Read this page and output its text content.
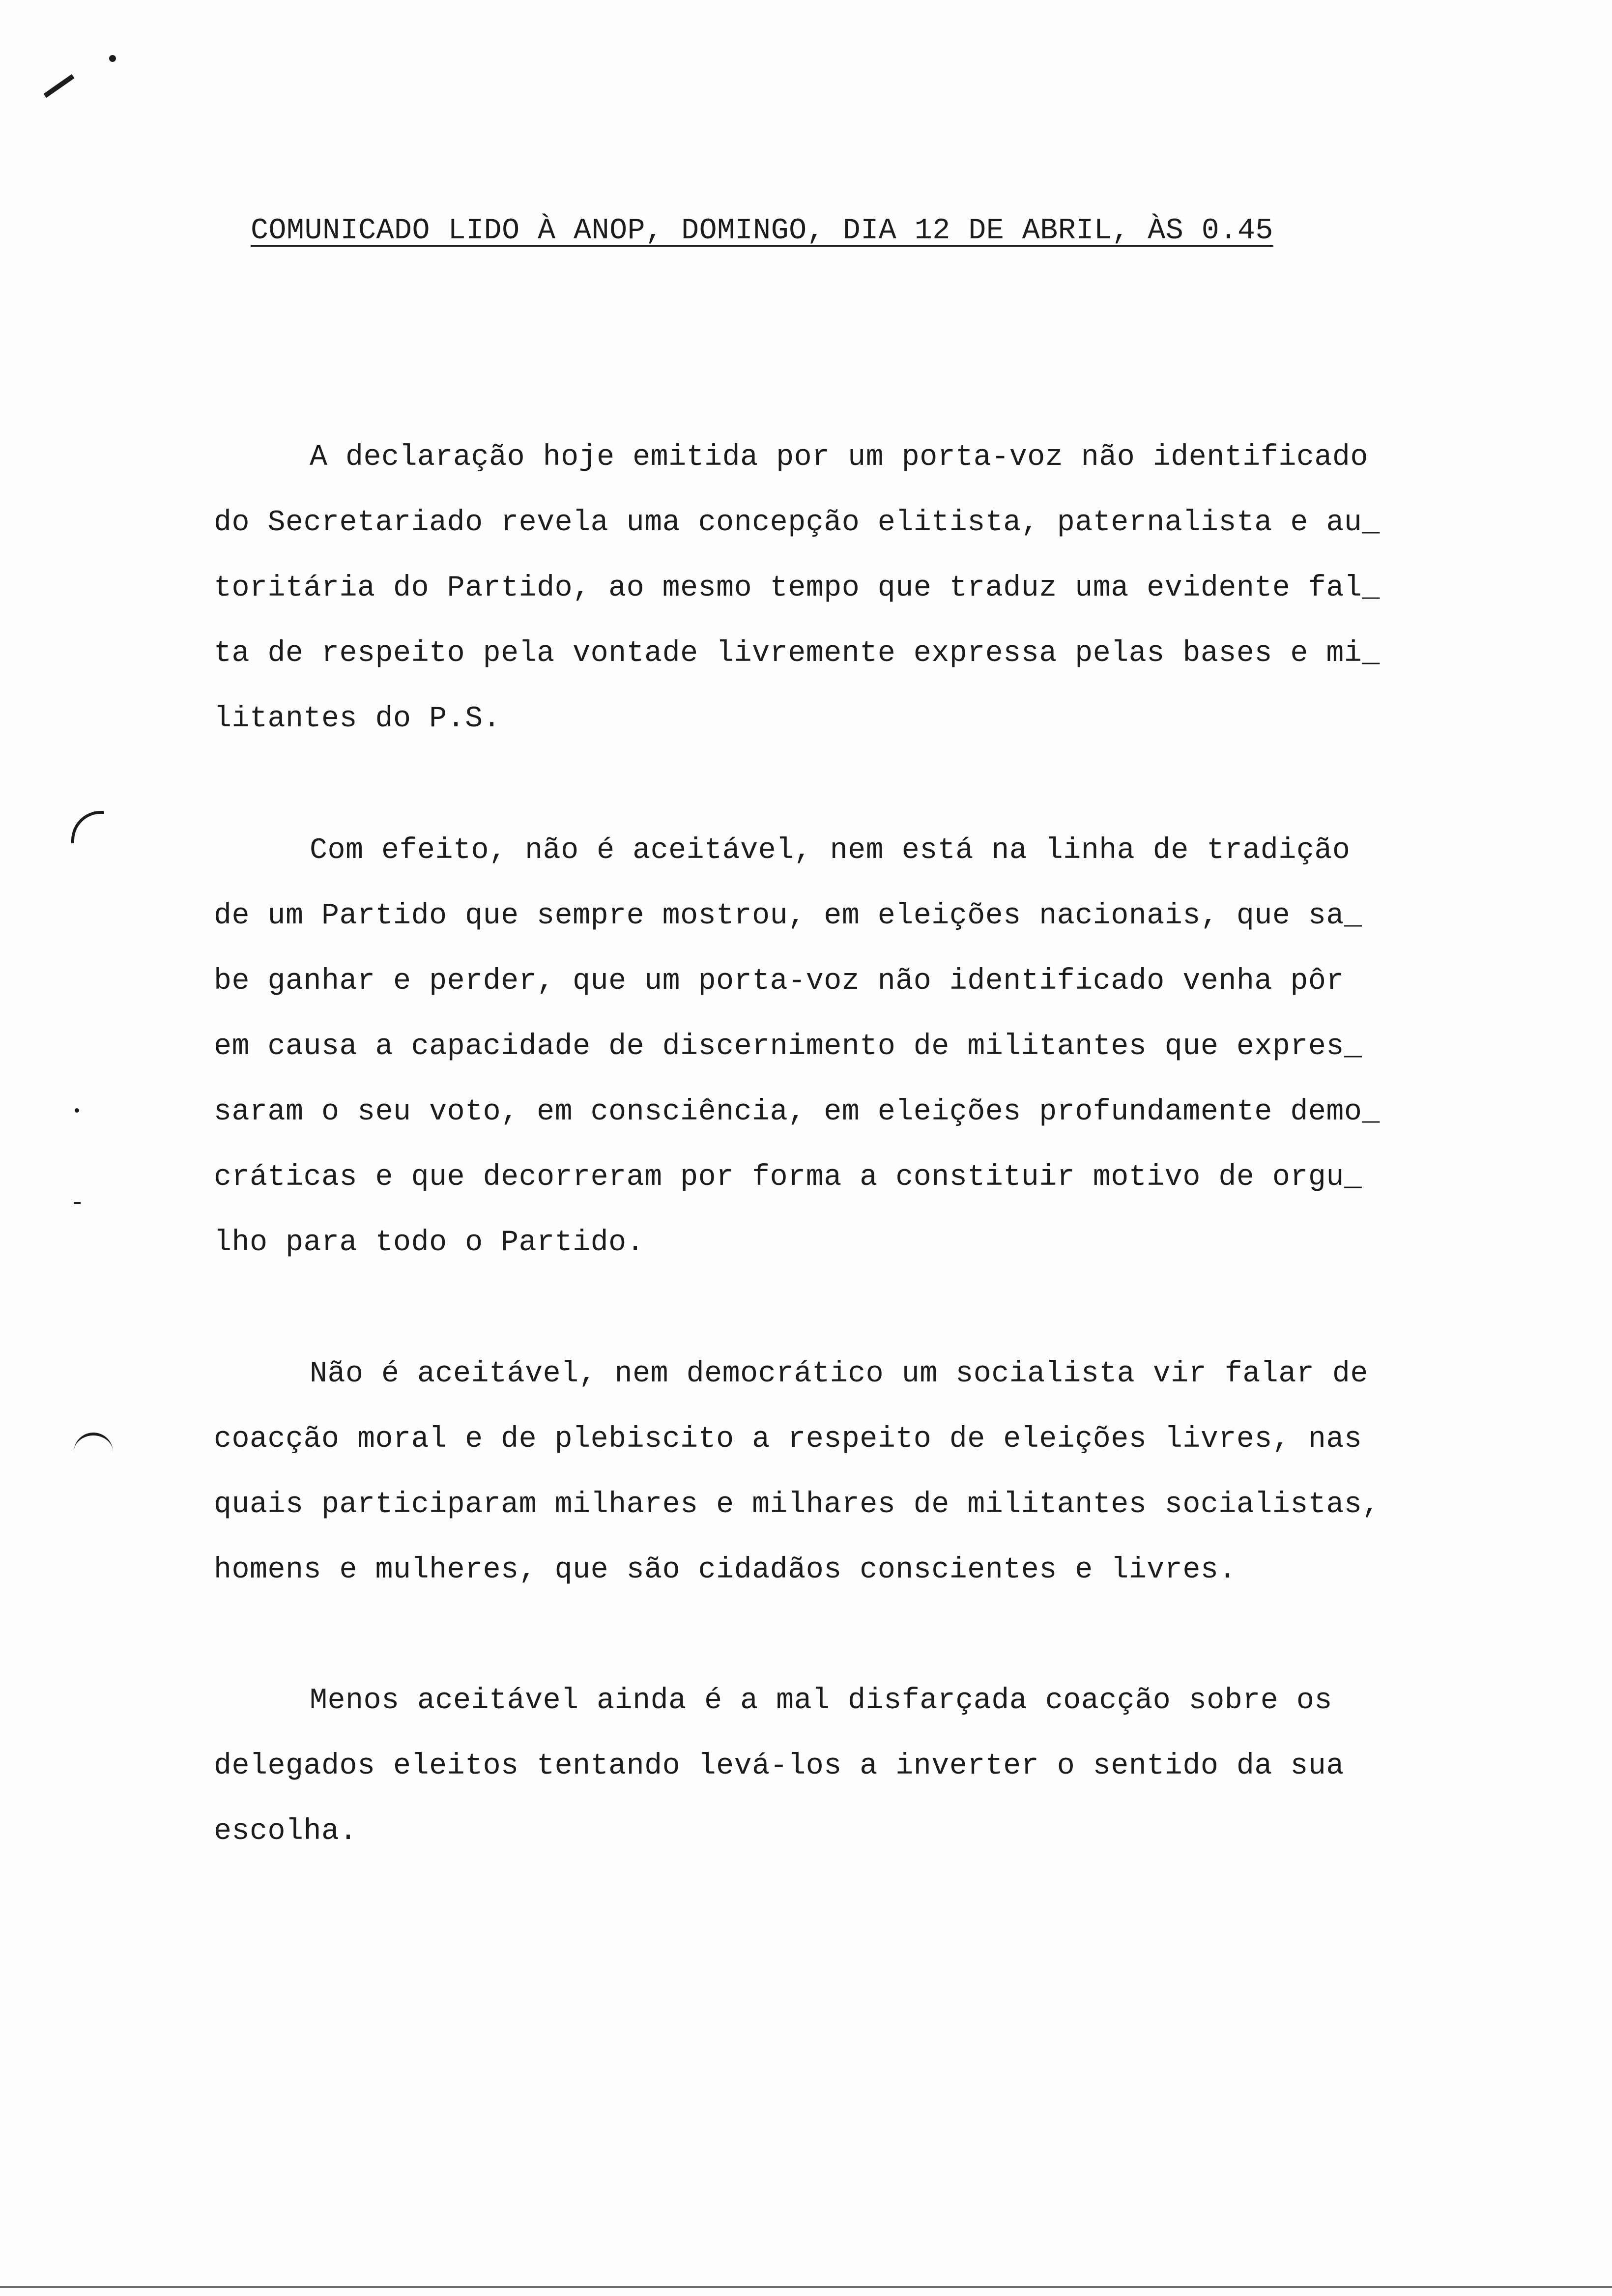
COMUNICADO LIDO À ANOP, DOMINGO, DIA 12 DE ABRIL, ÀS 0.45
A declaração hoje emitida por um porta-voz não identificado
do Secretariado revela uma concepção elitista, paternalista e au_
toritária do Partido, ao mesmo tempo que traduz uma evidente fal_
ta de respeito pela vontade livremente expressa pelas bases e mi_
litantes do P.S.
Com efeito, não é aceitável, nem está na linha de tradição
de um Partido que sempre mostrou, em eleições nacionais, que sa_
be ganhar e perder, que um porta-voz não identificado venha pôr
em causa a capacidade de discernimento de militantes que expres_
saram o seu voto, em consciência, em eleições profundamente demo_
cráticas e que decorreram por forma a constituir motivo de orgu_
lho para todo o Partido.
Não é aceitável, nem democrático um socialista vir falar de
coacção moral e de plebiscito a respeito de eleições livres, nas
quais participaram milhares e milhares de militantes socialistas,
homens e mulheres, que são cidadãos conscientes e livres.
Menos aceitável ainda é a mal disfarçada coacção sobre os
delegados eleitos tentando levá-los a inverter o sentido da sua
escolha.
